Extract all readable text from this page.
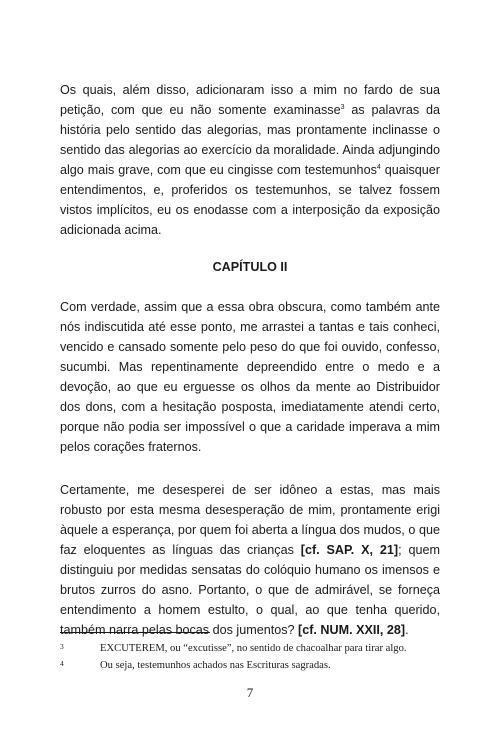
Os quais, além disso, adicionaram isso a mim no fardo de sua petição, com que eu não somente examinasse$^3$ as palavras da história pelo sentido das alegorias, mas prontamente inclinasse o sentido das alegorias ao exercício da moralidade. Ainda adjungindo algo mais grave, com que eu cingisse com testemunhos$^4$ quaisquer entendimentos, e, proferidos os testemunhos, se talvez fossem vistos implícitos, eu os enodasse com a interposição da exposição adicionada acima.

CAPÍTULO II

Com verdade, assim que a essa obra obscura, como também ante nós indiscutida até esse ponto, me arrastei a tantas e tais conheci, vencido e cansado somente pelo peso do que foi ouvido, confesso, sucumbi. Mas repentinamente depreendido entre o medo e a devoção, ao que eu erguesse os olhos da mente ao Distribuidor dos dons, com a hesitação posposta, imediatamente atendi certo, porque não podia ser impossível o que a caridade imperava a mim pelos corações fraternos.

Certamente, me desesperei de ser idôneo a estas, mas mais robusto por esta mesma desesperação de mim, prontamente erigi àquele a esperança, por quem foi aberta a língua dos mudos, o que faz eloquentes as línguas das crianças [cf. SAP. X, 21]; quem distinguiu por medidas sensatas do colóquio humano os imensos e brutos zurros do asno. Portanto, o que de admirável, se forneça entendimento a homem estulto, o qual, ao que tenha querido, também narra pelas bocas dos jumentos? [cf. NUM. XXII, 28].

3	EXCUTEREM, ou “excutisse”, no sentido de chacoalhar para tirar algo.
4	Ou seja, testemunhos achados nas Escrituras sagradas.
7
